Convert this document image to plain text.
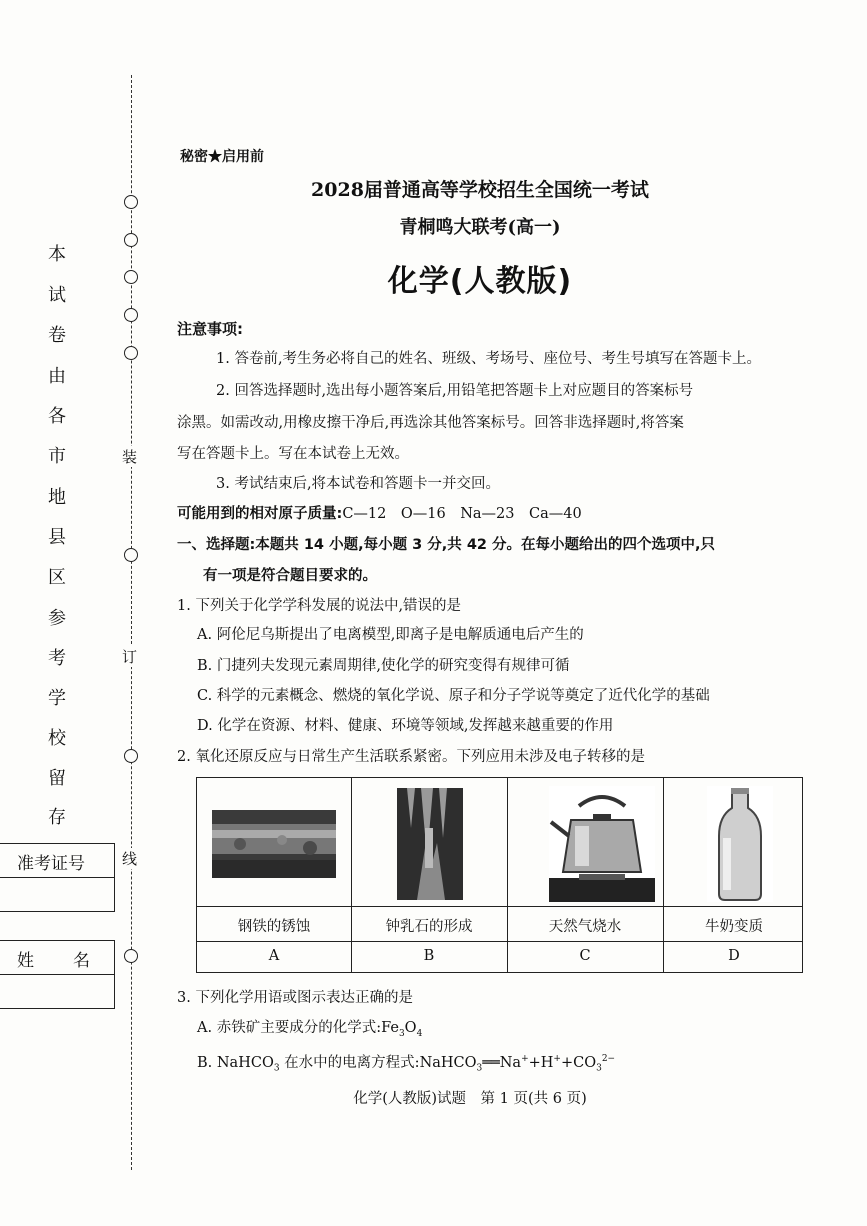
装
订
线
本
试
卷
由
各
市
地
县
区
参
考
学
校
留
存
准考证号
姓 名
秘密★启用前
2028届普通高等学校招生全国统一考试
青桐鸣大联考(高一)
化学(人教版)
注意事项:
1. 答卷前,考生务必将自己的姓名、班级、考场号、座位号、考生号填写在答题卡上。
2. 回答选择题时,选出每小题答案后,用铅笔把答题卡上对应题目的答案标号
涂黑。如需改动,用橡皮擦干净后,再选涂其他答案标号。回答非选择题时,将答案
写在答题卡上。写在本试卷上无效。
3. 考试结束后,将本试卷和答题卡一并交回。
可能用到的相对原子质量:C—12　O—16　Na—23　Ca—40
一、选择题:本题共 14 小题,每小题 3 分,共 42 分。在每小题给出的四个选项中,只
有一项是符合题目要求的。
1. 下列关于化学学科发展的说法中,错误的是
A. 阿伦尼乌斯提出了电离模型,即离子是电解质通电后产生的
B. 门捷列夫发现元素周期律,使化学的研究变得有规律可循
C. 科学的元素概念、燃烧的氧化学说、原子和分子学说等奠定了近代化学的基础
D. 化学在资源、材料、健康、环境等领域,发挥越来越重要的作用
2. 氧化还原反应与日常生产生活联系紧密。下列应用未涉及电子转移的是
钢铁的锈蚀	钟乳石的形成	天然气烧水	牛奶变质
A	B	C	D
3. 下列化学用语或图示表达正确的是
A. 赤铁矿主要成分的化学式$:Fe_3O_4$
B. NaHCO$_3$ 在水中的电离方程式$:NaHCO_3══Na^++H^++CO_3^{2-}$
化学(人教版)试题　第 1 页(共 6 页)
